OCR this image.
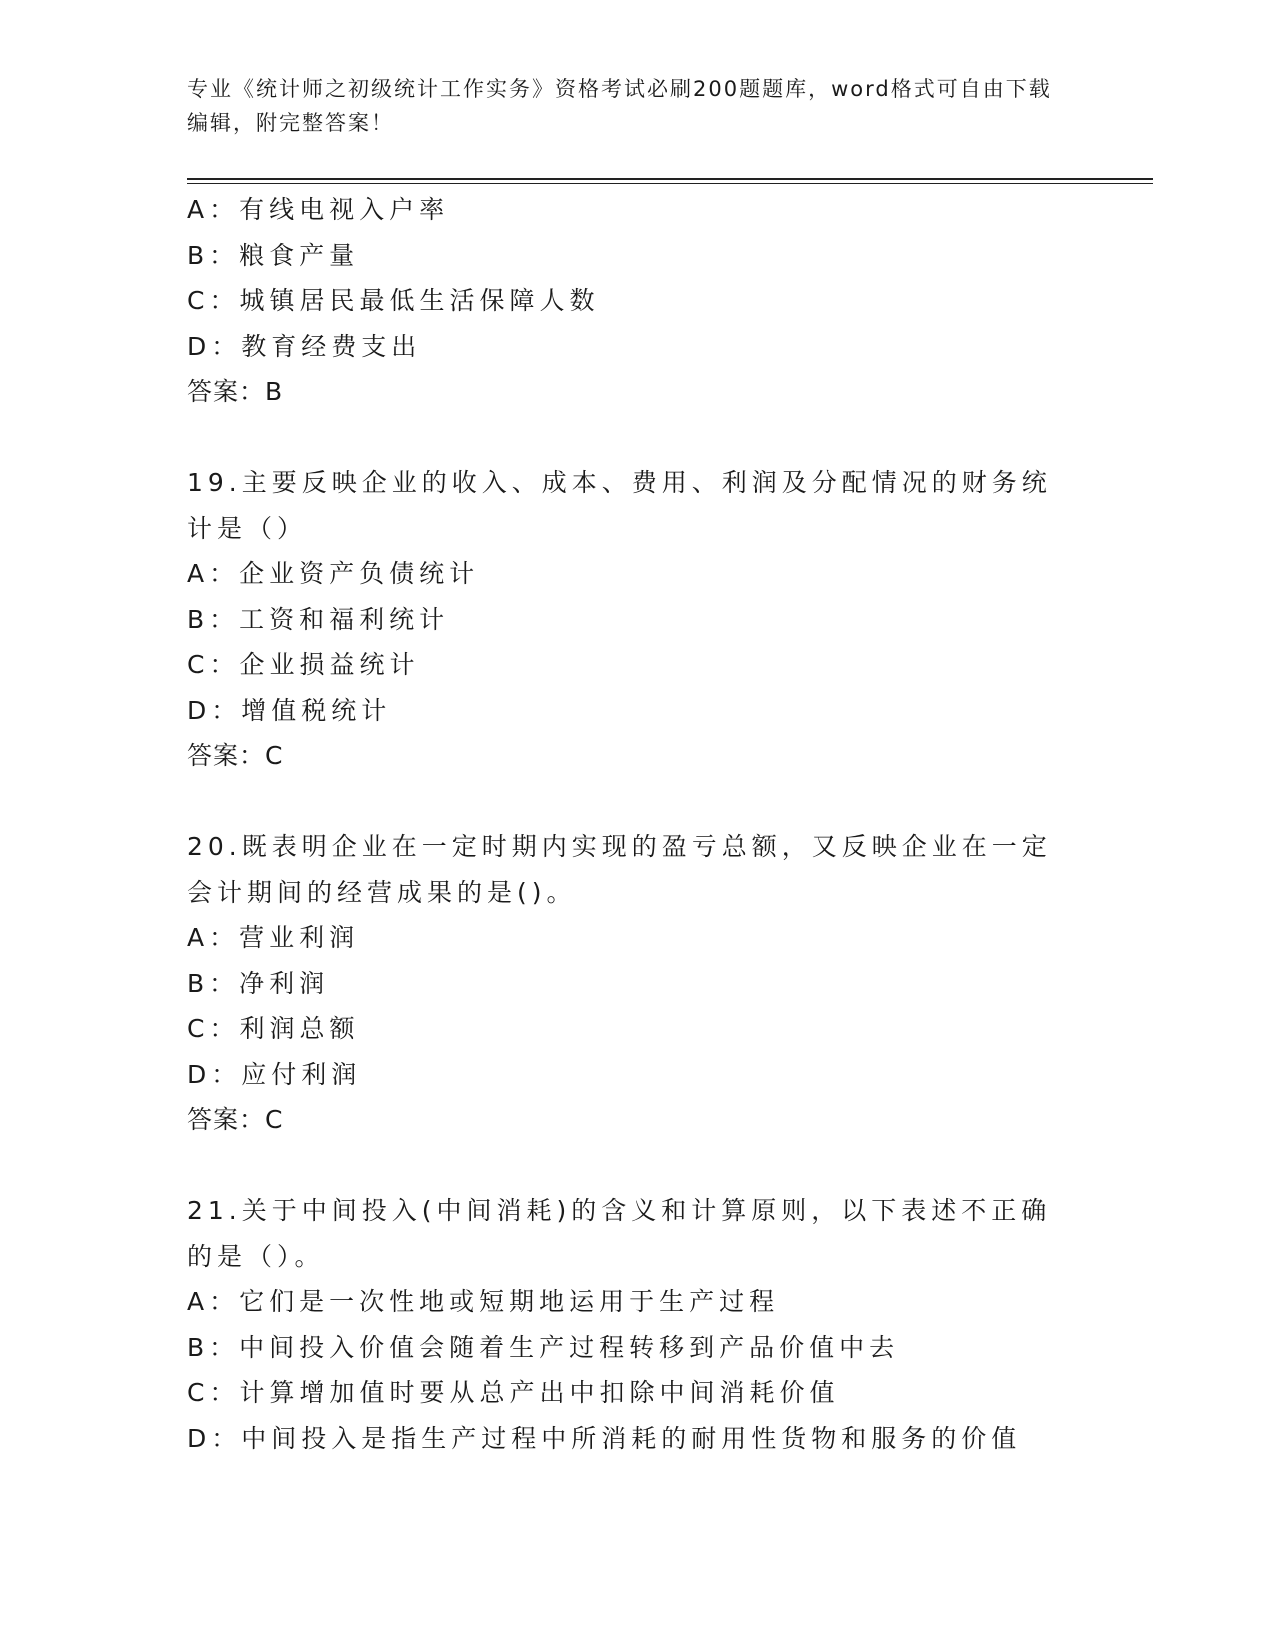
专业《统计师之初级统计工作实务》资格考试必刷200题题库，word格式可自由下载编辑，附完整答案！
A：有线电视入户率
B：粮食产量
C：城镇居民最低生活保障人数
D：教育经费支出
答案：B
19.主要反映企业的收入、成本、费用、利润及分配情况的财务统计是（）
A：企业资产负债统计
B：工资和福利统计
C：企业损益统计
D：增值税统计
答案：C
20.既表明企业在一定时期内实现的盈亏总额，又反映企业在一定会计期间的经营成果的是()。
A：营业利润
B：净利润
C：利润总额
D：应付利润
答案：C
21.关于中间投入(中间消耗)的含义和计算原则，以下表述不正确的是（）。
A：它们是一次性地或短期地运用于生产过程
B：中间投入价值会随着生产过程转移到产品价值中去
C：计算增加值时要从总产出中扣除中间消耗价值
D：中间投入是指生产过程中所消耗的耐用性货物和服务的价值
